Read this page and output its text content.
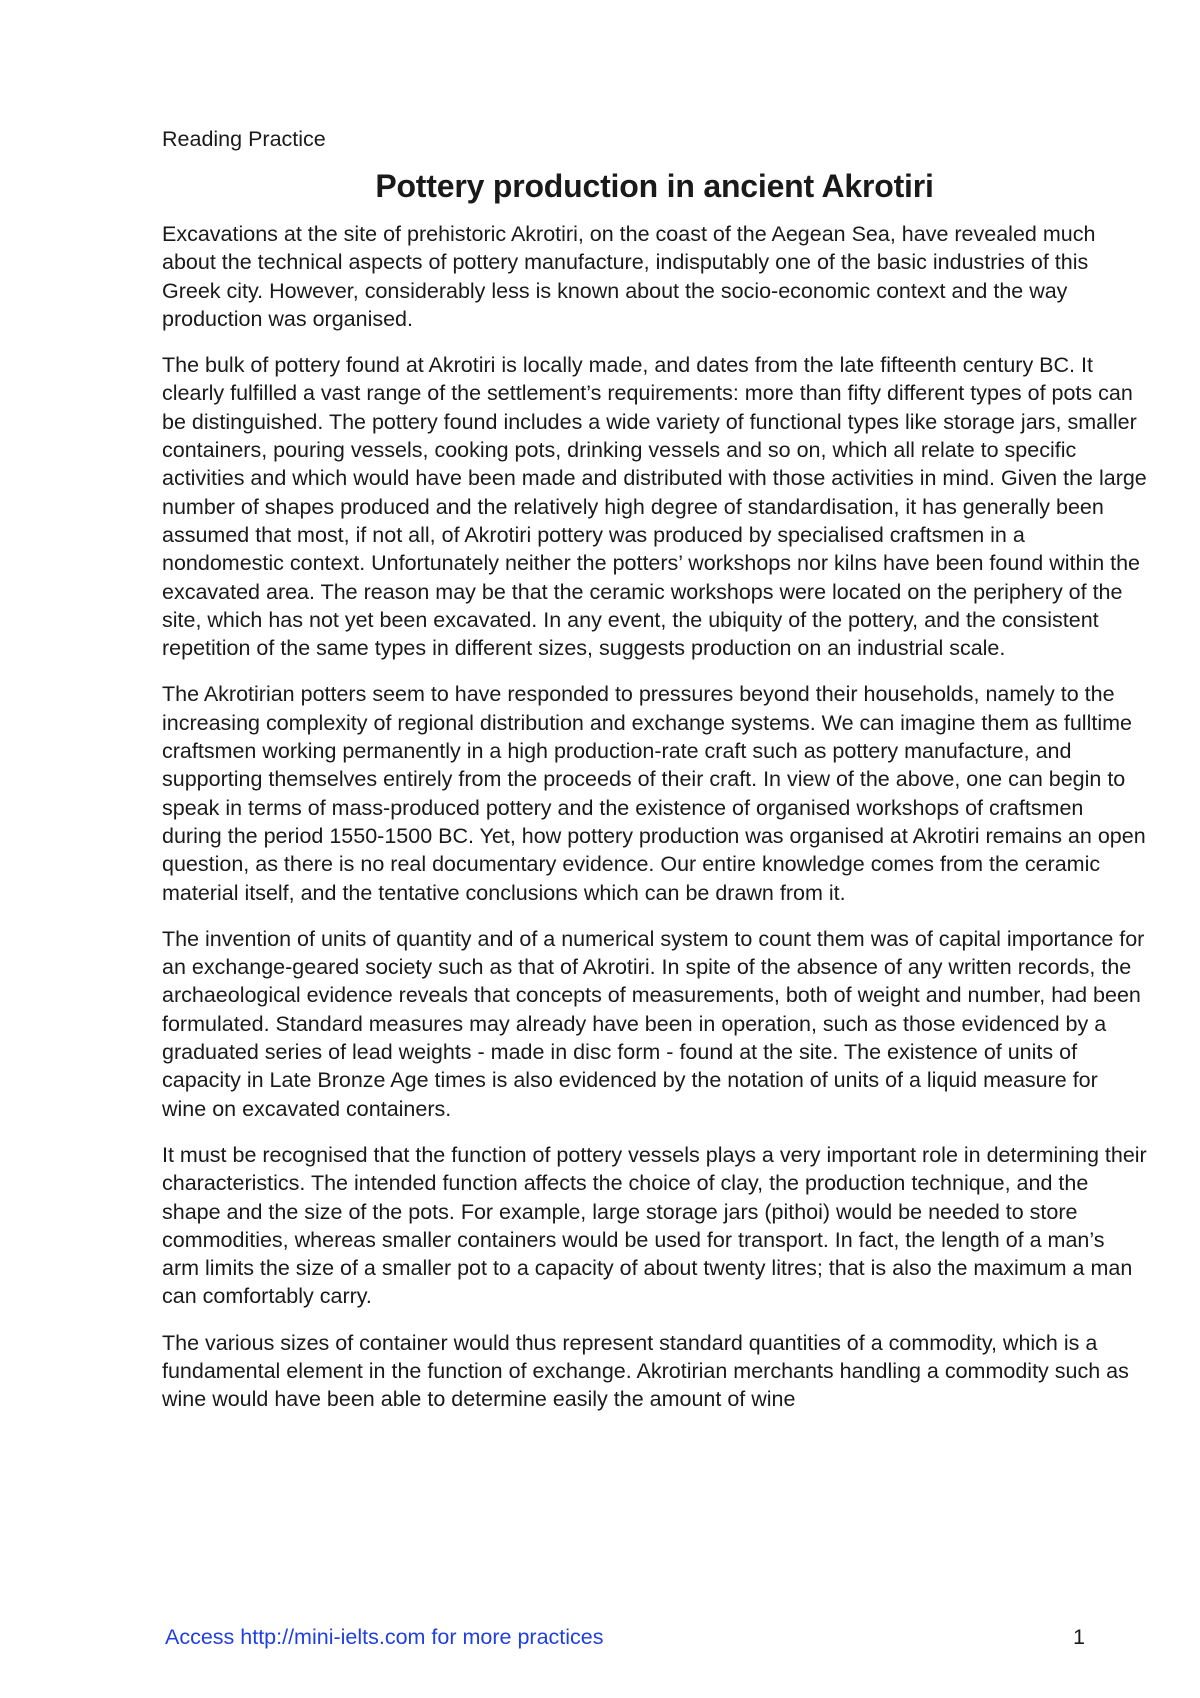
Reading Practice
Pottery production in ancient Akrotiri

Excavations at the site of prehistoric Akrotiri, on the coast of the Aegean Sea, have revealed much about the technical aspects of pottery manufacture, indisputably one of the basic industries of this Greek city. However, considerably less is known about the socio-economic context and the way production was organised.

The bulk of pottery found at Akrotiri is locally made, and dates from the late fifteenth century BC. It clearly fulfilled a vast range of the settlement’s requirements: more than fifty different types of pots can be distinguished. The pottery found includes a wide variety of functional types like storage jars, smaller containers, pouring vessels, cooking pots, drinking vessels and so on, which all relate to specific activities and which would have been made and distributed with those activities in mind. Given the large number of shapes produced and the relatively high degree of standardisation, it has generally been assumed that most, if not all, of Akrotiri pottery was produced by specialised craftsmen in a nondomestic context. Unfortunately neither the potters’ workshops nor kilns have been found within the excavated area. The reason may be that the ceramic workshops were located on the periphery of the site, which has not yet been excavated. In any event, the ubiquity of the pottery, and the consistent repetition of the same types in different sizes, suggests production on an industrial scale.

The Akrotirian potters seem to have responded to pressures beyond their households, namely to the increasing complexity of regional distribution and exchange systems. We can imagine them as fulltime craftsmen working permanently in a high production-rate craft such as pottery manufacture, and supporting themselves entirely from the proceeds of their craft. In view of the above, one can begin to speak in terms of mass-produced pottery and the existence of organised workshops of craftsmen during the period 1550-1500 BC. Yet, how pottery production was organised at Akrotiri remains an open question, as there is no real documentary evidence. Our entire knowledge comes from the ceramic material itself, and the tentative conclusions which can be drawn from it.

The invention of units of quantity and of a numerical system to count them was of capital importance for an exchange-geared society such as that of Akrotiri. In spite of the absence of any written records, the archaeological evidence reveals that concepts of measurements, both of weight and number, had been formulated. Standard measures may already have been in operation, such as those evidenced by a graduated series of lead weights - made in disc form - found at the site. The existence of units of capacity in Late Bronze Age times is also evidenced by the notation of units of a liquid measure for wine on excavated containers.

It must be recognised that the function of pottery vessels plays a very important role in determining their characteristics. The intended function affects the choice of clay, the production technique, and the shape and the size of the pots. For example, large storage jars (pithoi) would be needed to store commodities, whereas smaller containers would be used for transport. In fact, the length of a man’s arm limits the size of a smaller pot to a capacity of about twenty litres; that is also the maximum a man can comfortably carry.

The various sizes of container would thus represent standard quantities of a commodity, which is a fundamental element in the function of exchange. Akrotirian merchants handling a commodity such as wine would have been able to determine easily the amount of wine

Access http://mini-ielts.com for more practices	1
